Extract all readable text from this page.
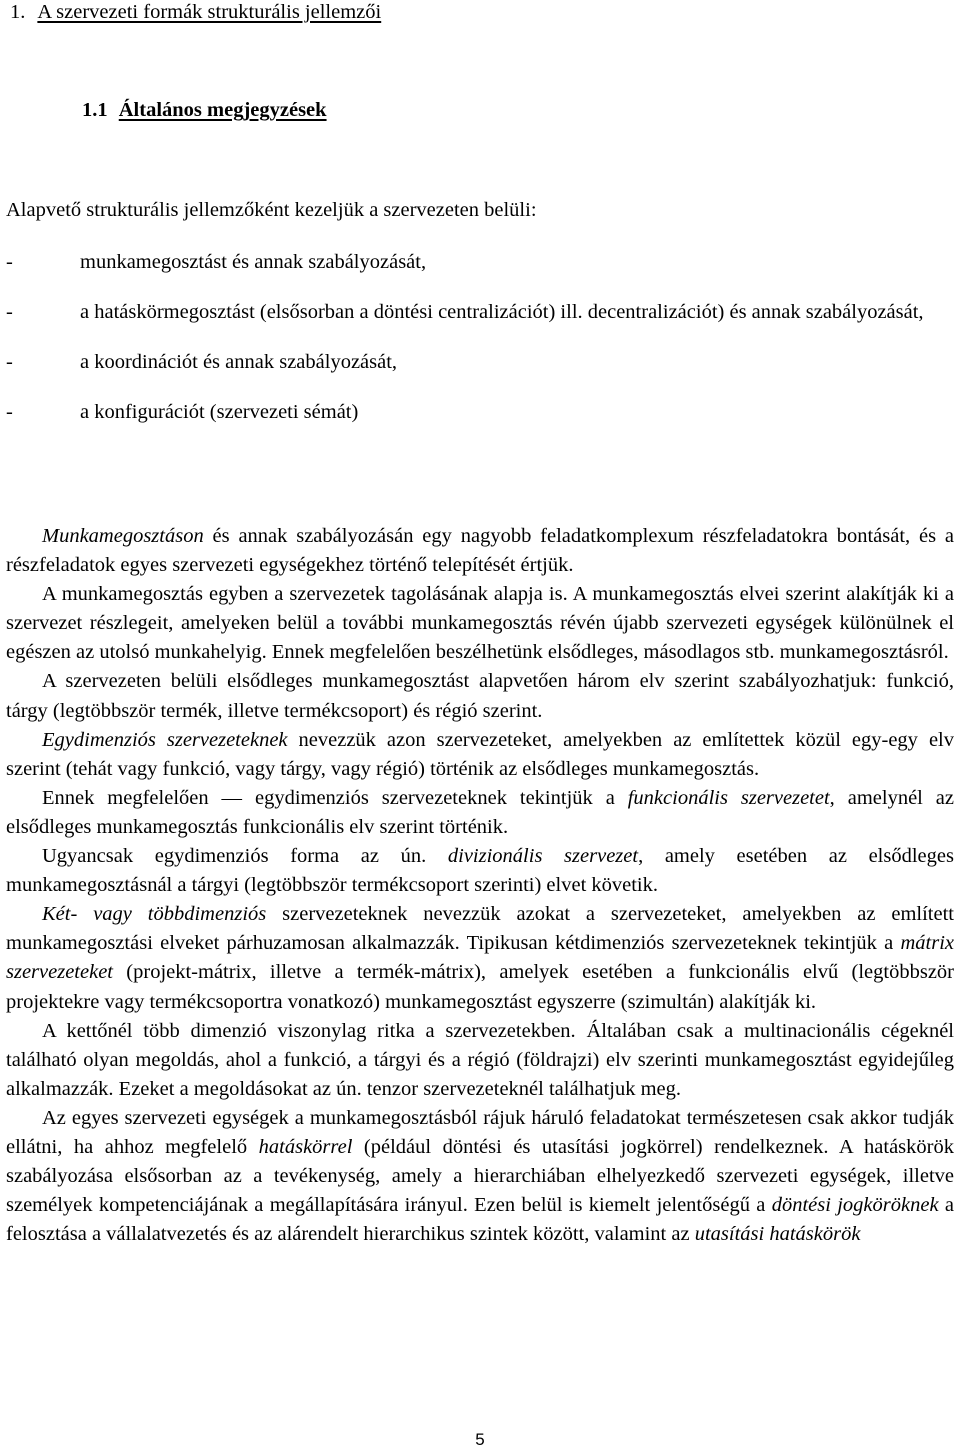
1. A szervezeti formák strukturális jellemzői
1.1 Általános megjegyzések
Alapvető strukturális jellemzőként kezeljük a szervezeten belüli:
-	munkamegosztást és annak szabályozását,
-	a hatáskörmegosztást (elsősorban a döntési centralizációt) ill. decentralizációt) és annak szabályozását,
-	a koordinációt és annak szabályozását,
-	a konfigurációt (szervezeti sémát)

Munkamegosztáson és annak szabályozásán egy nagyobb feladatkomplexum részfeladatokra bontását, és a részfeladatok egyes szervezeti egységekhez történő telepítését értjük.

A munkamegosztás egyben a szervezetek tagolásának alapja is. A munkamegosztás elvei szerint alakítják ki a szervezet részlegeit, amelyeken belül a további munkamegosztás révén újabb szervezeti egységek különülnek el egészen az utolsó munkahelyig. Ennek megfelelően beszélhetünk elsődleges, másodlagos stb. munkamegosztásról.

A szervezeten belüli elsődleges munkamegosztást alapvetően három elv szerint szabályozhatjuk: funkció, tárgy (legtöbbször termék, illetve termékcsoport) és régió szerint.

Egydimenziós szervezeteknek nevezzük azon szervezeteket, amelyekben az említettek közül egy-egy elv szerint (tehát vagy funkció, vagy tárgy, vagy régió) történik az elsődleges munkamegosztás.

Ennek megfelelően — egydimenziós szervezeteknek tekintjük a funkcionális szervezetet, amelynél az elsődleges munkamegosztás funkcionális elv szerint történik.

Ugyancsak egydimenziós forma az ún. divizionális szervezet, amely esetében az elsődleges munkamegosztásnál a tárgyi (legtöbbször termékcsoport szerinti) elvet követik.

Két- vagy többdimenziós szervezeteknek nevezzük azokat a szervezeteket, amelyekben az említett munkamegosztási elveket párhuzamosan alkalmazzák. Tipikusan kétdimenziós szervezeteknek tekintjük a mátrix szervezeteket (projekt-mátrix, illetve a termék-mátrix), amelyek esetében a funkcionális elvű (legtöbbször projektekre vagy termékcsoportra vonatkozó) munkamegosztást egyszerre (szimultán) alakítják ki.

A kettőnél több dimenzió viszonylag ritka a szervezetekben. Általában csak a multinacionális cégeknél található olyan megoldás, ahol a funkció, a tárgyi és a régió (földrajzi) elv szerinti munkamegosztást egyidejűleg alkalmazzák. Ezeket a megoldásokat az ún. tenzor szervezeteknél találhatjuk meg.

Az egyes szervezeti egységek a munkamegosztásból rájuk háruló feladatokat természetesen csak akkor tudják ellátni, ha ahhoz megfelelő hatáskörrel (például döntési és utasítási jogkörrel) rendelkeznek. A hatáskörök szabályozása elsősorban az a tevékenység, amely a hierarchiában elhelyezkedő szervezeti egységek, illetve személyek kompetenciájának a megállapítására irányul. Ezen belül is kiemelt jelentőségű a döntési jogköröknek a felosztása a vállalatvezetés és az alárendelt hierarchikus szintek között, valamint az utasítási hatáskörök

5
